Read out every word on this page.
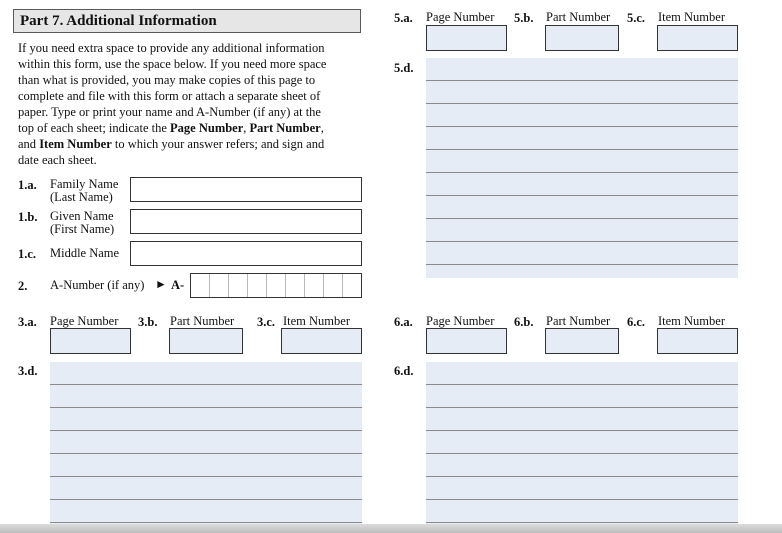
Part 7. Additional Information
If you need extra space to provide any additional information
within this form, use the space below. If you need more space
than what is provided, you may make copies of this page to
complete and file with this form or attach a separate sheet of
paper. Type or print your name and A-Number (if any) at the
top of each sheet; indicate the Page Number, Part Number,
and Item Number to which your answer refers; and sign and
date each sheet.
1.a. Family Name
(Last Name)
1.b. Given Name
(First Name)
1.c. Middle Name
2. A-Number (if any) ► A-
3.a. Page Number 3.b. Part Number 3.c. Item Number
3.d.
5.a. Page Number 5.b. Part Number 5.c. Item Number
5.d.
6.a. Page Number 6.b. Part Number 6.c. Item Number
6.d.
